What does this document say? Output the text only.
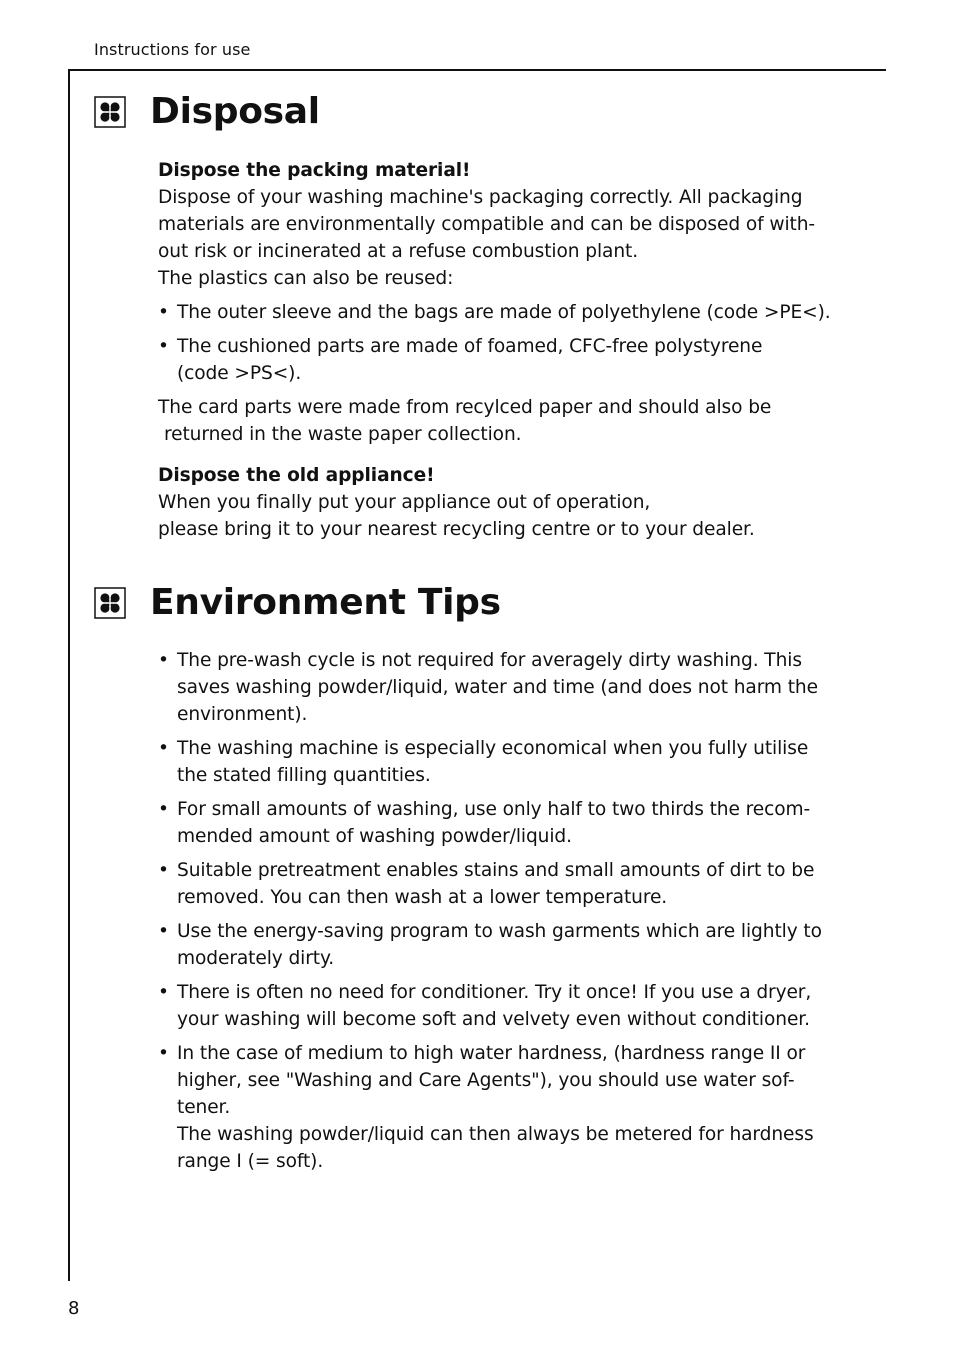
Instructions for use
Disposal

Dispose the packing material!

Dispose of your washing machine's packaging correctly. All packaging

materials are environmentally compatible and can be disposed of with-

out risk or incinerated at a refuse combustion plant.

The plastics can also be reused:

• The outer sleeve and the bags are made of polyethylene (code >PE<).

• The cushioned parts are made of foamed, CFC-free polystyrene

(code >PS<).

The card parts were made from recylced paper and should also be

returned in the waste paper collection.

Dispose the old appliance!

When you finally put your appliance out of operation,

please bring it to your nearest recycling centre or to your dealer.

Environment Tips

• The pre-wash cycle is not required for averagely dirty washing. This

saves washing powder/liquid, water and time (and does not harm the

environment).

• The washing machine is especially economical when you fully utilise

the stated filling quantities.

• For small amounts of washing, use only half to two thirds the recom-

mended amount of washing powder/liquid.

• Suitable pretreatment enables stains and small amounts of dirt to be

removed. You can then wash at a lower temperature.

• Use the energy-saving program to wash garments which are lightly to

moderately dirty.

• There is often no need for conditioner. Try it once! If you use a dryer,

your washing will become soft and velvety even without conditioner.

• In the case of medium to high water hardness, (hardness range II or

higher, see "Washing and Care Agents"), you should use water sof-

tener.

The washing powder/liquid can then always be metered for hardness

range I (= soft).

8
